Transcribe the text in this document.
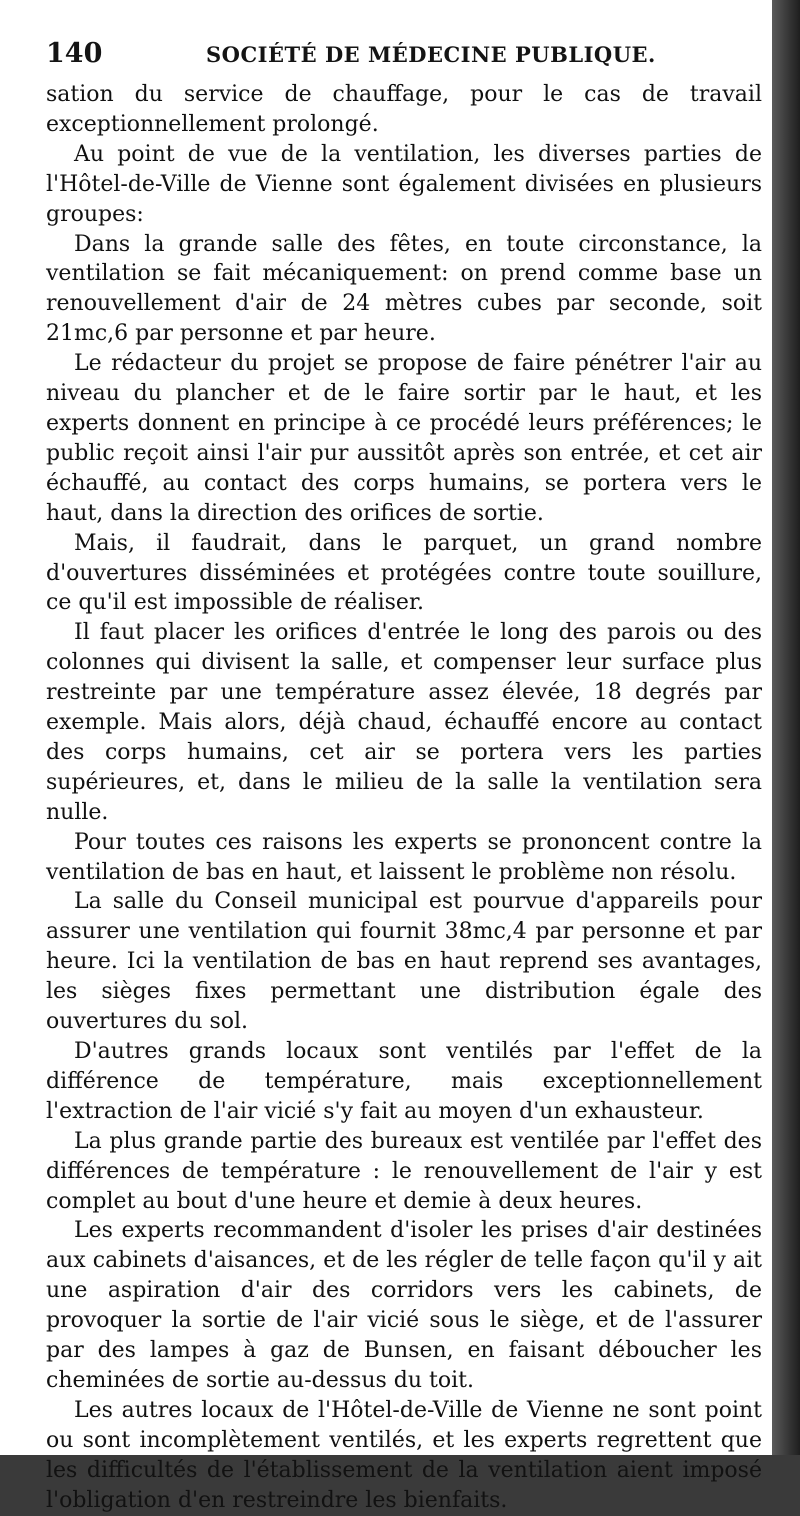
140	SOCIÉTÉ DE MÉDECINE PUBLIQUE.

sation du service de chauffage, pour le cas de travail exceptionnellement prolongé.

Au point de vue de la ventilation, les diverses parties de l'Hôtel-de-Ville de Vienne sont également divisées en plusieurs groupes:

Dans la grande salle des fêtes, en toute circonstance, la ventilation se fait mécaniquement: on prend comme base un renouvellement d'air de 24 mètres cubes par seconde, soit 21mc,6 par personne et par heure.

Le rédacteur du projet se propose de faire pénétrer l'air au niveau du plancher et de le faire sortir par le haut, et les experts donnent en principe à ce procédé leurs préférences; le public reçoit ainsi l'air pur aussitôt après son entrée, et cet air échauffé, au contact des corps humains, se portera vers le haut, dans la direction des orifices de sortie.

Mais, il faudrait, dans le parquet, un grand nombre d'ouvertures disséminées et protégées contre toute souillure, ce qu'il est impossible de réaliser.

Il faut placer les orifices d'entrée le long des parois ou des colonnes qui divisent la salle, et compenser leur surface plus restreinte par une température assez élevée, 18 degrés par exemple. Mais alors, déjà chaud, échauffé encore au contact des corps humains, cet air se portera vers les parties supérieures, et, dans le milieu de la salle la ventilation sera nulle.

Pour toutes ces raisons les experts se prononcent contre la ventilation de bas en haut, et laissent le problème non résolu.

La salle du Conseil municipal est pourvue d'appareils pour assurer une ventilation qui fournit 38mc,4 par personne et par heure. Ici la ventilation de bas en haut reprend ses avantages, les sièges fixes permettant une distribution égale des ouvertures du sol.

D'autres grands locaux sont ventilés par l'effet de la différence de température, mais exceptionnellement l'extraction de l'air vicié s'y fait au moyen d'un exhausteur.

La plus grande partie des bureaux est ventilée par l'effet des différences de température : le renouvellement de l'air y est complet au bout d'une heure et demie à deux heures.

Les experts recommandent d'isoler les prises d'air destinées aux cabinets d'aisances, et de les régler de telle façon qu'il y ait une aspiration d'air des corridors vers les cabinets, de provoquer la sortie de l'air vicié sous le siège, et de l'assurer par des lampes à gaz de Bunsen, en faisant déboucher les cheminées de sortie au-dessus du toit.

Les autres locaux de l'Hôtel-de-Ville de Vienne ne sont point ou sont incomplètement ventilés, et les experts regrettent que les difficultés de l'établissement de la ventilation aient imposé l'obligation d'en restreindre les bienfaits.
